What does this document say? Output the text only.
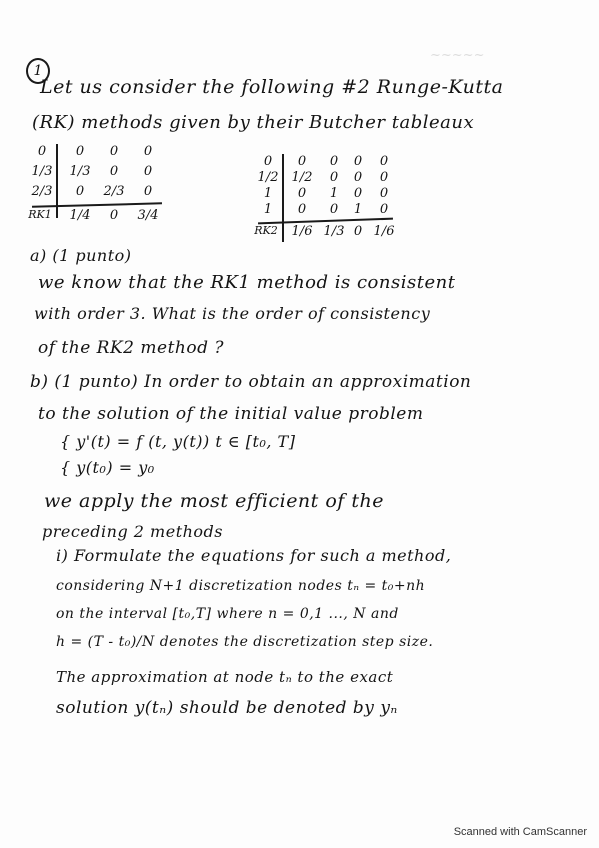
1
Let us consider the following #2 Runge-Kutta
(RK) methods given by their Butcher tableaux
0 0 0 0
1/3 1/3 0 0
2/3 0 2/3 0
RK1 1/4 0 3/4
0 0 0 0 0
1/2 1/2 0 0 0
1 0 1 0 0
1 0 0 1 0
RK2 1/6 1/3 0 1/6
~~~~~
a) (1 punto)
we know that the RK1 method is consistent
with order 3. What is the order of consistency
of the RK2 method ?
b) (1 punto) In order to obtain an approximation
to the solution of the initial value problem
{ y'(t) = f (t, y(t)) t ∈ [t₀, T]
{ y(t₀) = y₀
we apply the most efficient of the
preceding 2 methods
i) Formulate the equations for such a method,
considering N+1 discretization nodes tₙ = t₀+nh
on the interval [t₀,T] where n = 0,1 ..., N and
h = (T - t₀)/N denotes the discretization step size.
The approximation at node tₙ to the exact
solution y(tₙ) should be denoted by yₙ
Scanned with CamScanner
